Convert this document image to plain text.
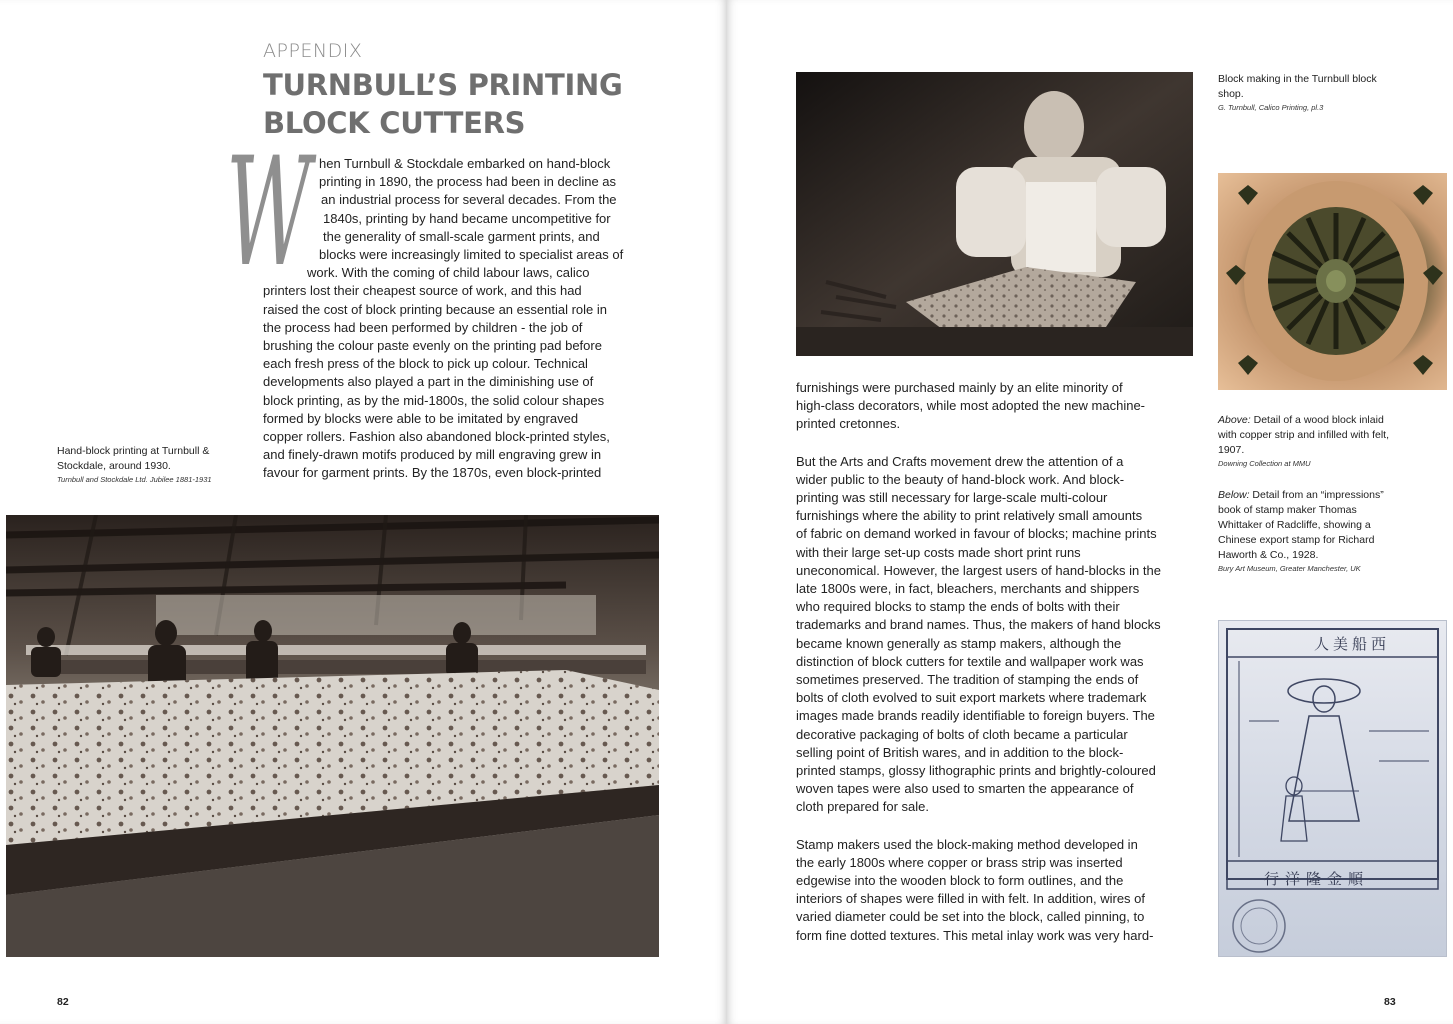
APPENDIX
TURNBULL’S PRINTING BLOCK CUTTERS
W hen Turnbull & Stockdale embarked on hand-block
printing in 1890, the process had been in decline as
an industrial process for several decades. From the
1840s, printing by hand became uncompetitive for
the generality of small-scale garment prints, and
blocks were increasingly limited to specialist areas of
work. With the coming of child labour laws, calico
printers lost their cheapest source of work, and this had
raised the cost of block printing because an essential role in
the process had been performed by children - the job of
brushing the colour paste evenly on the printing pad before
each fresh press of the block to pick up colour. Technical
developments also played a part in the diminishing use of
block printing, as by the mid-1800s, the solid colour shapes
formed by blocks were able to be imitated by engraved
copper rollers. Fashion also abandoned block-printed styles,
and finely-drawn motifs produced by mill engraving grew in
favour for garment prints. By the 1870s, even block-printed
Hand-block printing at Turnbull & Stockdale, around 1930.
Turnbull and Stockdale Ltd. Jubilee 1881-1931
82
Block making in the Turnbull block shop.
G. Turnbull, Calico Printing, pl.3
Above: Detail of a wood block inlaid with copper strip and infilled with felt, 1907.
Downing Collection at MMU
Below: Detail from an “impressions” book of stamp maker Thomas Whittaker of Radcliffe, showing a Chinese export stamp for Richard Haworth & Co., 1928.
Bury Art Museum, Greater Manchester, UK
人美船西
行洋隆金順

furnishings were purchased mainly by an elite minority of
high-class decorators, while most adopted the new machine-
printed cretonnes.

But the Arts and Crafts movement drew the attention of a
wider public to the beauty of hand-block work. And block-
printing was still necessary for large-scale multi-colour
furnishings where the ability to print relatively small amounts
of fabric on demand worked in favour of blocks; machine prints
with their large set-up costs made short print runs
uneconomical. However, the largest users of hand-blocks in the
late 1800s were, in fact, bleachers, merchants and shippers
who required blocks to stamp the ends of bolts with their
trademarks and brand names. Thus, the makers of hand blocks
became known generally as stamp makers, although the
distinction of block cutters for textile and wallpaper work was
sometimes preserved. The tradition of stamping the ends of
bolts of cloth evolved to suit export markets where trademark
images made brands readily identifiable to foreign buyers. The
decorative packaging of bolts of cloth became a particular
selling point of British wares, and in addition to the block-
printed stamps, glossy lithographic prints and brightly-coloured
woven tapes were also used to smarten the appearance of
cloth prepared for sale.

Stamp makers used the block-making method developed in
the early 1800s where copper or brass strip was inserted
edgewise into the wooden block to form outlines, and the
interiors of shapes were filled in with felt. In addition, wires of
varied diameter could be set into the block, called pinning, to
form fine dotted textures. This metal inlay work was very hard-

83
